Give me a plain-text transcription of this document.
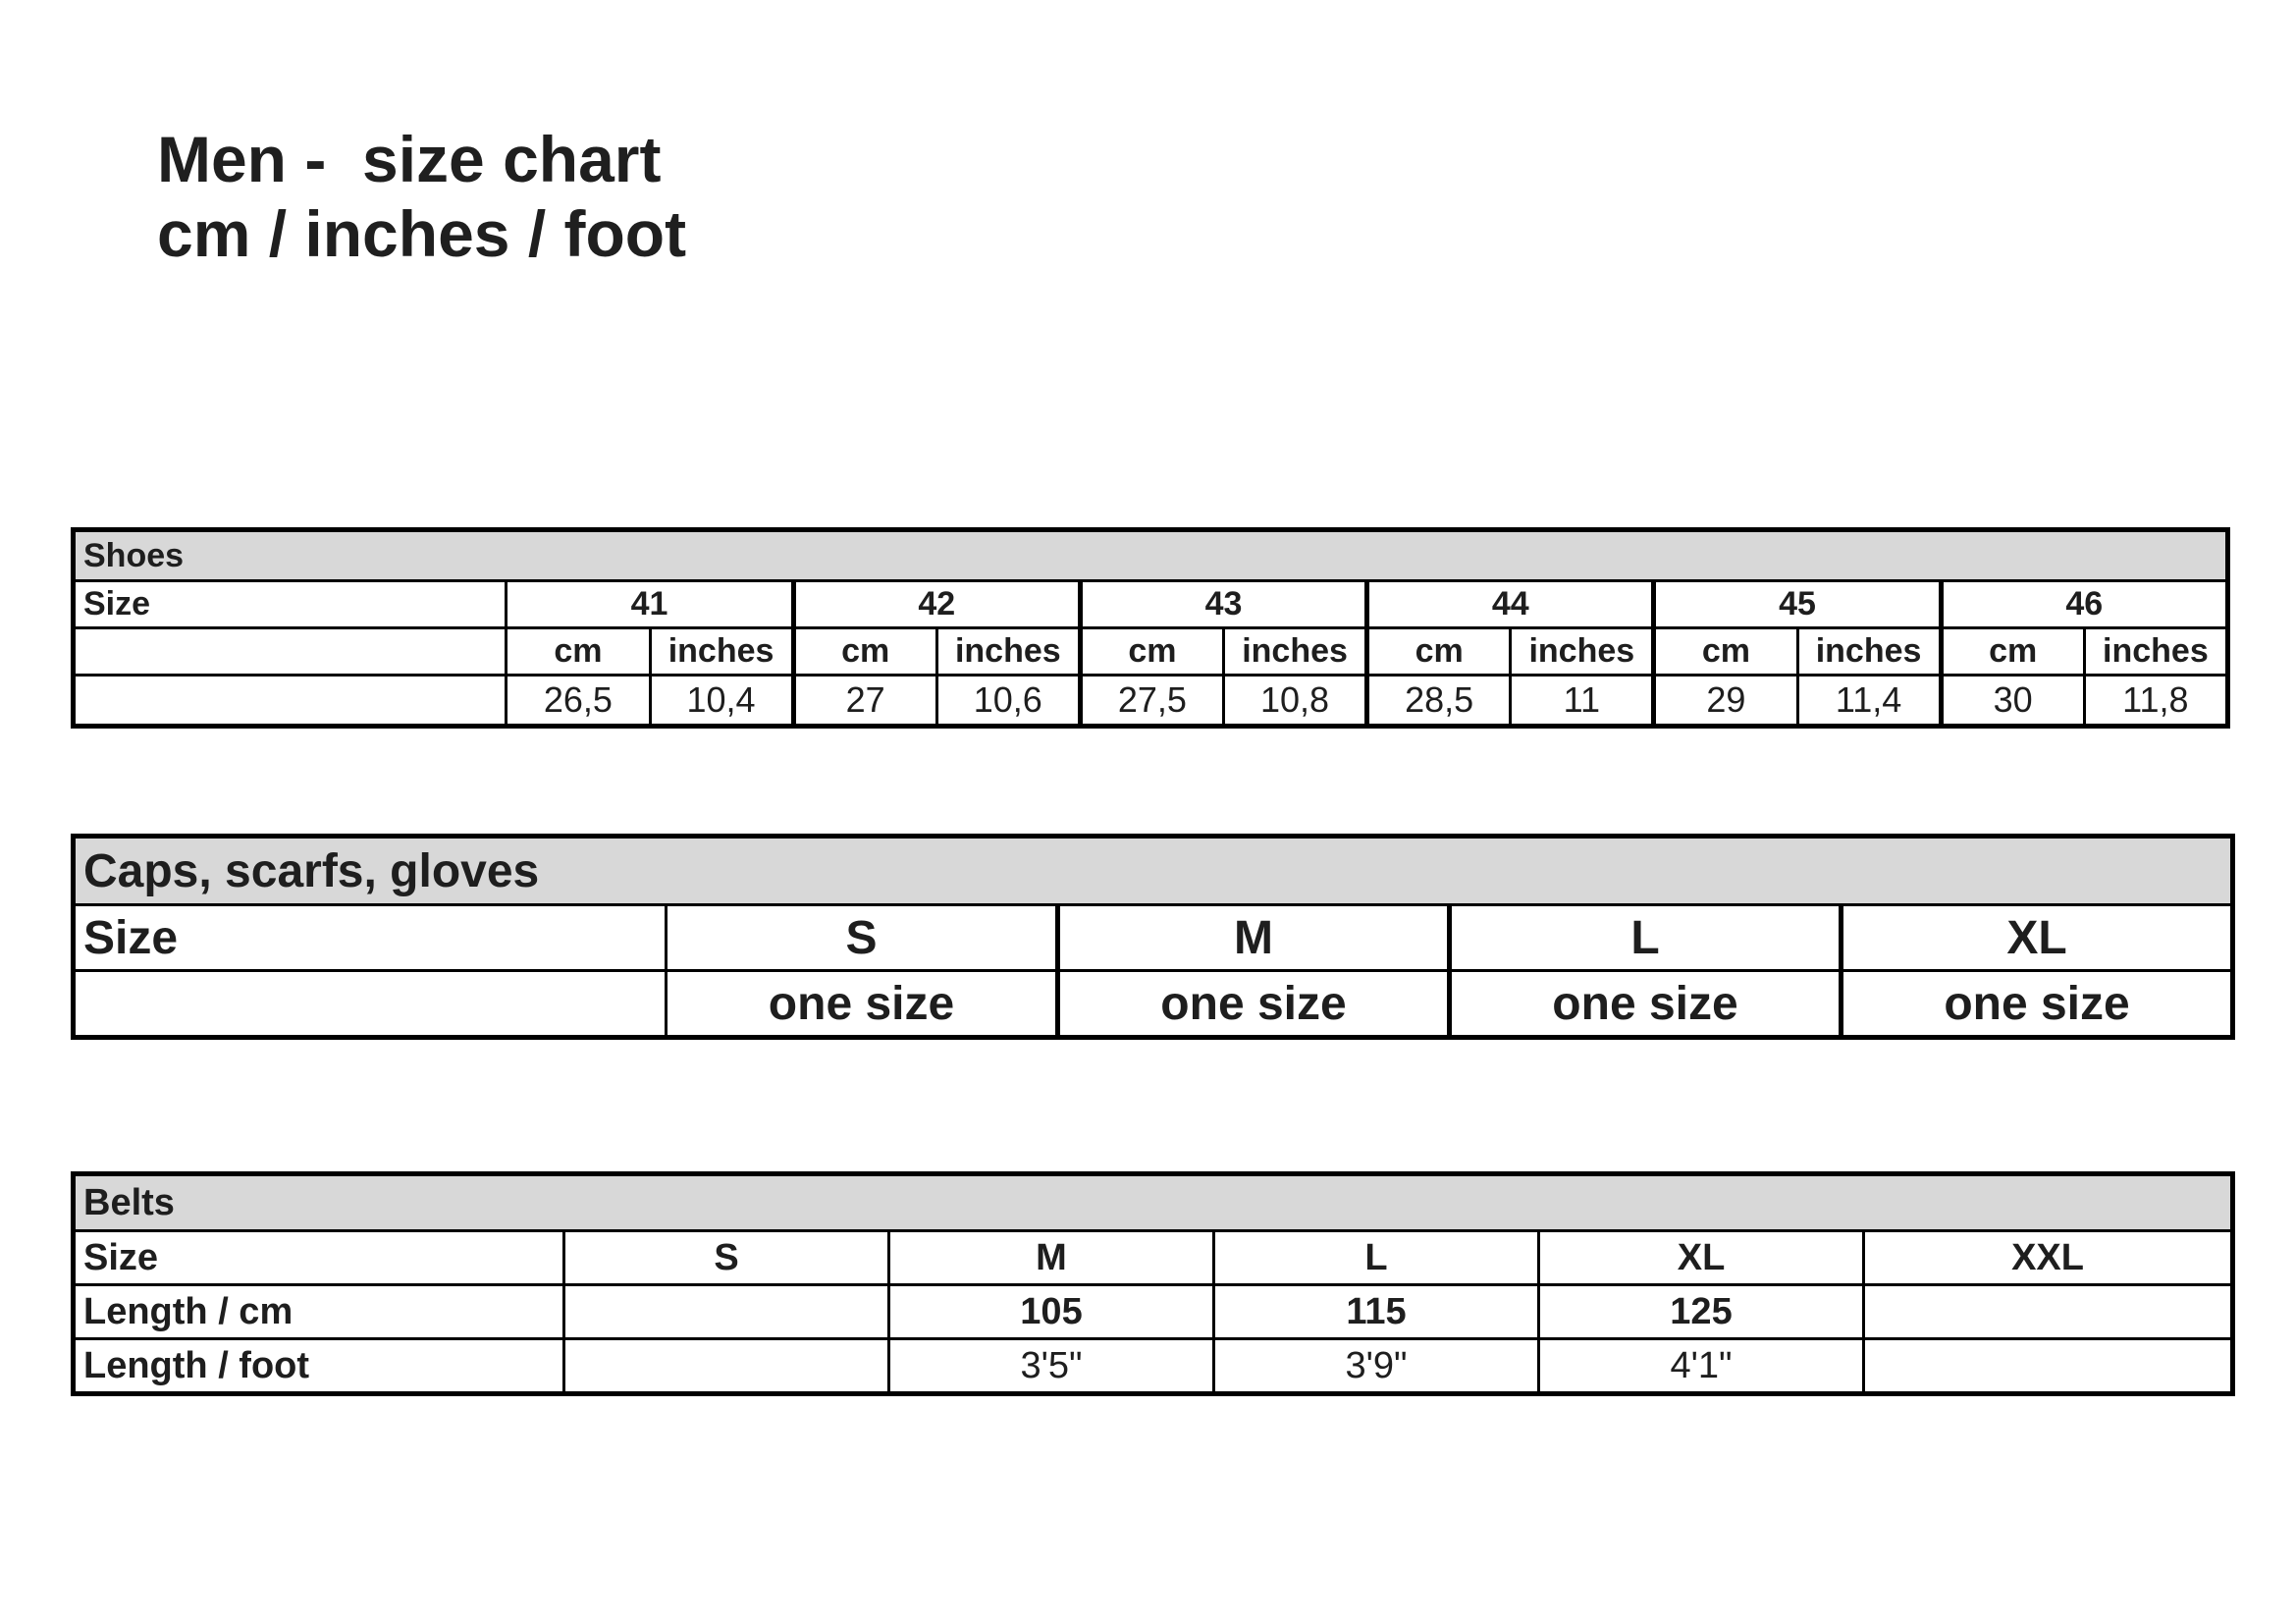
Men -  size chart
cm / inches / foot
Shoes												
Size	41		42		43		44		45		46	
	cm	inches	cm	inches	cm	inches	cm	inches	cm	inches	cm	inches
	26,5	10,4	27	10,6	27,5	10,8	28,5	11	29	11,4	30	11,8
Caps, scarfs, gloves				
Size	S	M	L	XL
	one size	one size	one size	one size
Belts					
Size	S	M	L	XL	XXL
Length / cm		105	115	125	
Length / foot		3'5"	3'9"	4'1"	
